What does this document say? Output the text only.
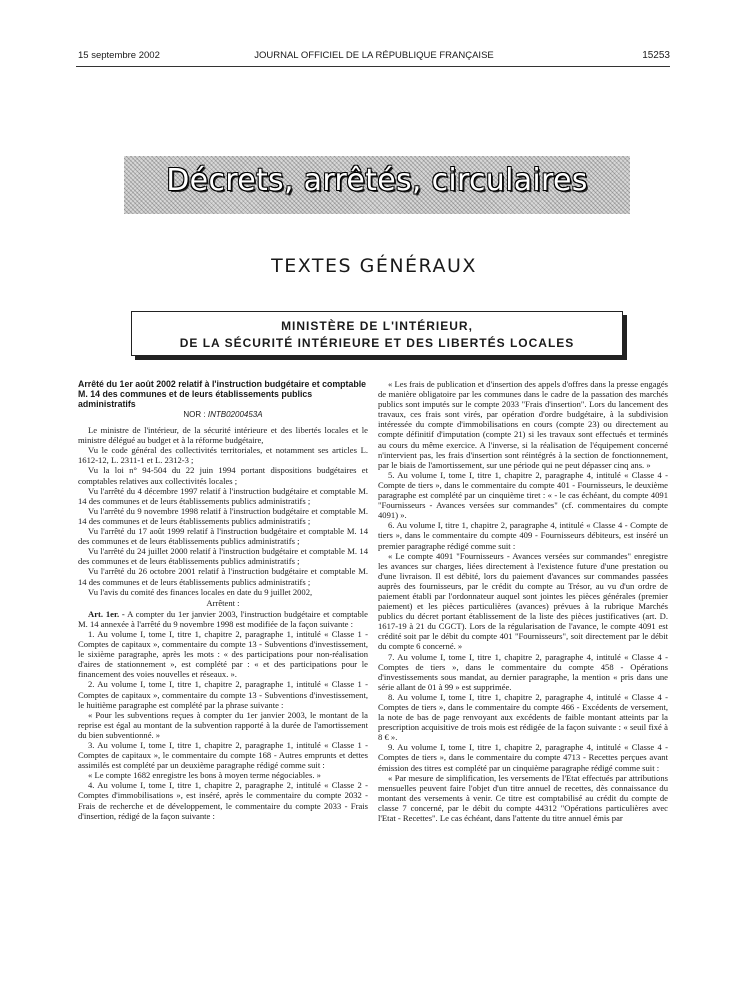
15 septembre 2002	JOURNAL OFFICIEL DE LA RÉPUBLIQUE FRANÇAISE	15253
Décrets, arrêtés, circulaires
TEXTES GÉNÉRAUX
MINISTÈRE DE L'INTÉRIEUR,
DE LA SÉCURITÉ INTÉRIEURE ET DES LIBERTÉS LOCALES

Arrêté du 1er août 2002 relatif à l'instruction budgétaire et comptable M. 14 des communes et de leurs établissements publics administratifs

NOR : INTB0200453A

Le ministre de l'intérieur, de la sécurité intérieure et des libertés locales et le ministre délégué au budget et à la réforme budgétaire,

Vu le code général des collectivités territoriales, et notamment ses articles L. 1612-12, L. 2311-1 et L. 2312-3 ;

Vu la loi n° 94-504 du 22 juin 1994 portant dispositions budgétaires et comptables relatives aux collectivités locales ;

Vu l'arrêté du 4 décembre 1997 relatif à l'instruction budgétaire et comptable M. 14 des communes et de leurs établissements publics administratifs ;

Vu l'arrêté du 9 novembre 1998 relatif à l'instruction budgétaire et comptable M. 14 des communes et de leurs établissements publics administratifs ;

Vu l'arrêté du 17 août 1999 relatif à l'instruction budgétaire et comptable M. 14 des communes et de leurs établissements publics administratifs ;

Vu l'arrêté du 24 juillet 2000 relatif à l'instruction budgétaire et comptable M. 14 des communes et de leurs établissements publics administratifs ;

Vu l'arrêté du 26 octobre 2001 relatif à l'instruction budgétaire et comptable M. 14 des communes et de leurs établissements publics administratifs ;

Vu l'avis du comité des finances locales en date du 9 juillet 2002,

Arrêtent :

Art. 1er. - A compter du 1er janvier 2003, l'instruction budgétaire et comptable M. 14 annexée à l'arrêté du 9 novembre 1998 est modifiée de la façon suivante :

1. Au volume I, tome I, titre 1, chapitre 2, paragraphe 1, intitulé « Classe 1 - Comptes de capitaux », commentaire du compte 13 - Subventions d'investissement, le sixième paragraphe, après les mots : « des participations pour non-réalisation d'aires de stationnement », est complété par : « et des participations pour le financement des voies nouvelles et réseaux. ».

2. Au volume I, tome I, titre 1, chapitre 2, paragraphe 1, intitulé « Classe 1 - Comptes de capitaux », commentaire du compte 13 - Subventions d'investissement, le huitième paragraphe est complété par la phrase suivante :

« Pour les subventions reçues à compter du 1er janvier 2003, le montant de la reprise est égal au montant de la subvention rapporté à la durée de l'amortissement du bien subventionné. »

3. Au volume I, tome I, titre 1, chapitre 2, paragraphe 1, intitulé « Classe 1 - Comptes de capitaux », le commentaire du compte 168 - Autres emprunts et dettes assimilés est complété par un deuxième paragraphe rédigé comme suit :

« Le compte 1682 enregistre les bons à moyen terme négociables. »

4. Au volume I, tome I, titre 1, chapitre 2, paragraphe 2, intitulé « Classe 2 - Comptes d'immobilisations », est inséré, après le commentaire du compte 2032 - Frais de recherche et de développement, le commentaire du compte 2033 - Frais d'insertion, rédigé de la façon suivante :

« Les frais de publication et d'insertion des appels d'offres dans la presse engagés de manière obligatoire par les communes dans le cadre de la passation des marchés publics sont imputés sur le compte 2033 "Frais d'insertion". Lors du lancement des travaux, ces frais sont virés, par opération d'ordre budgétaire, à la subdivision intéressée du compte d'immobilisations en cours (compte 23) ou directement au compte définitif d'imputation (compte 21) si les travaux sont effectués et terminés au cours du même exercice. A l'inverse, si la réalisation de l'équipement concerné n'intervient pas, les frais d'insertion sont réintégrés à la section de fonctionnement, par le biais de l'amortissement, sur une période qui ne peut dépasser cinq ans. »

5. Au volume I, tome I, titre 1, chapitre 2, paragraphe 4, intitulé « Classe 4 - Compte de tiers », dans le commentaire du compte 401 - Fournisseurs, le deuxième paragraphe est complété par un cinquième tiret : « - le cas échéant, du compte 4091 "Fournisseurs - Avances versées sur commandes" (cf. commentaires du compte 4091) ».

6. Au volume I, titre 1, chapitre 2, paragraphe 4, intitulé « Classe 4 - Compte de tiers », dans le commentaire du compte 409 - Fournisseurs débiteurs, est inséré un premier paragraphe rédigé comme suit :

« Le compte 4091 "Fournisseurs - Avances versées sur commandes" enregistre les avances sur charges, liées directement à l'existence future d'une prestation ou d'une livraison. Il est débité, lors du paiement d'avances sur commandes passées auprès des fournisseurs, par le crédit du compte au Trésor, au vu d'un ordre de paiement établi par l'ordonnateur auquel sont jointes les pièces générales (premier paiement) et les pièces particulières (avances) prévues à la rubrique Marchés publics du décret portant établissement de la liste des pièces justificatives (art. D. 1617-19 à 21 du CGCT). Lors de la régularisation de l'avance, le compte 4091 est crédité soit par le débit du compte 401 "Fournisseurs", soit directement par le débit du compte 6 concerné. »

7. Au volume I, tome I, titre 1, chapitre 2, paragraphe 4, intitulé « Classe 4 - Comptes de tiers », dans le commentaire du compte 458 - Opérations d'investissements sous mandat, au dernier paragraphe, la mention « pris dans une série allant de 01 à 99 » est supprimée.

8. Au volume I, tome I, titre 1, chapitre 2, paragraphe 4, intitulé « Classe 4 - Comptes de tiers », dans le commentaire du compte 466 - Excédents de versement, la note de bas de page renvoyant aux excédents de faible montant atteints par la prescription acquisitive de trois mois est rédigée de la façon suivante : « seuil fixé à 8 € ».

9. Au volume I, tome I, titre 1, chapitre 2, paragraphe 4, intitulé « Classe 4 - Comptes de tiers », dans le commentaire du compte 4713 - Recettes perçues avant émission des titres est complété par un cinquième paragraphe rédigé comme suit :

« Par mesure de simplification, les versements de l'Etat effectués par attributions mensuelles peuvent faire l'objet d'un titre annuel de recettes, dès connaissance du montant des versements à venir. Ce titre est comptabilisé au crédit du compte de classe 7 concerné, par le débit du compte 44312 "Opérations particulières avec l'Etat - Recettes". Le cas échéant, dans l'attente du titre annuel émis par
